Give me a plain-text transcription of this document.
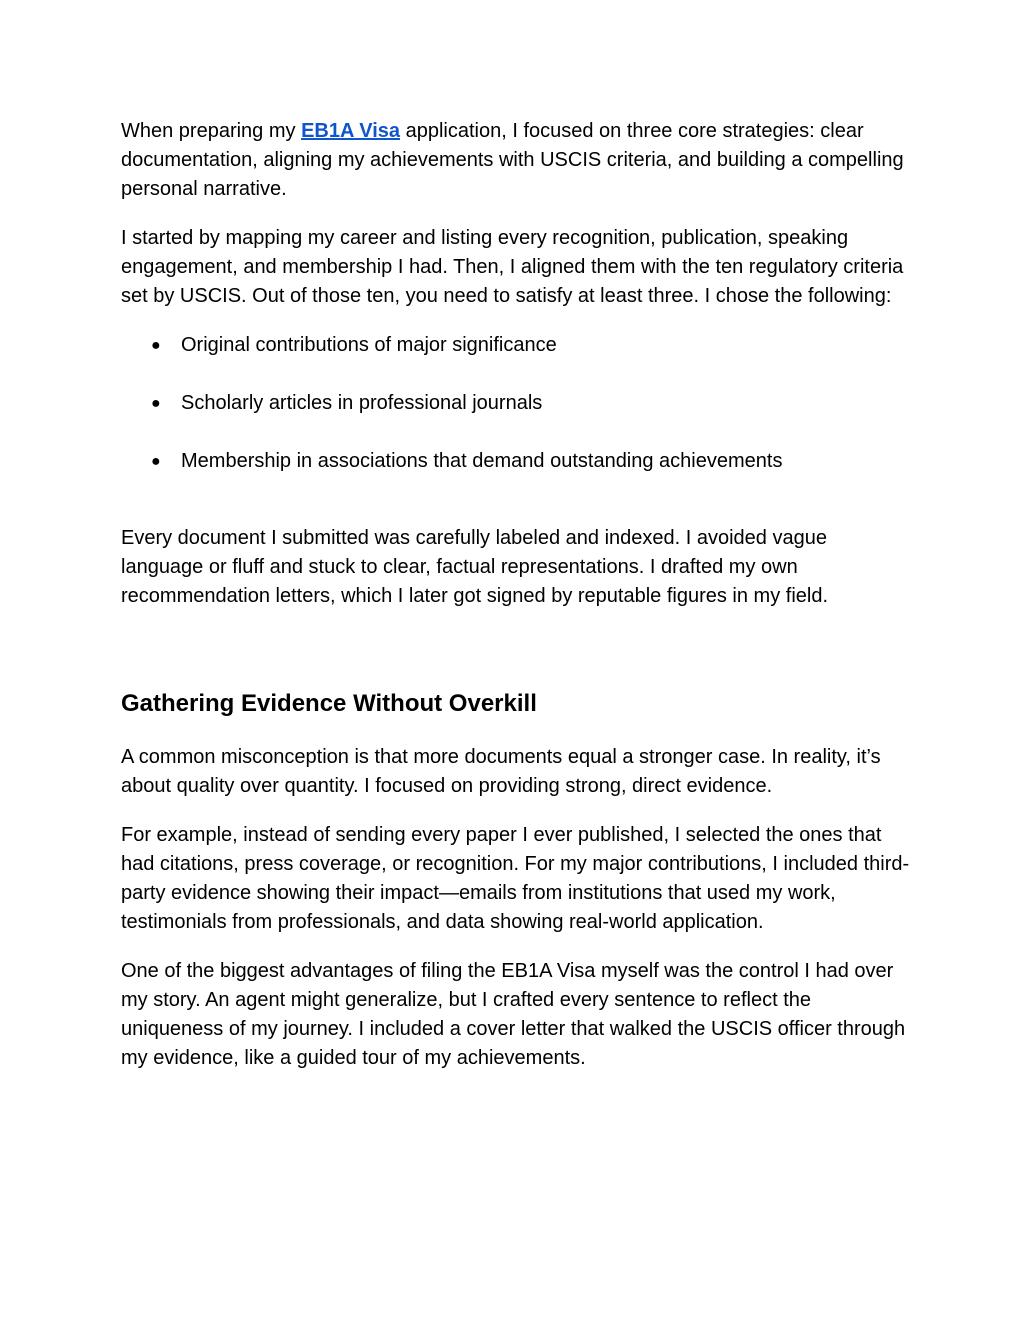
When preparing my EB1A Visa application, I focused on three core strategies: clear documentation, aligning my achievements with USCIS criteria, and building a compelling personal narrative.

I started by mapping my career and listing every recognition, publication, speaking engagement, and membership I had. Then, I aligned them with the ten regulatory criteria set by USCIS. Out of those ten, you need to satisfy at least three. I chose the following:

● Original contributions of major significance
● Scholarly articles in professional journals
● Membership in associations that demand outstanding achievements

Every document I submitted was carefully labeled and indexed. I avoided vague language or fluff and stuck to clear, factual representations. I drafted my own recommendation letters, which I later got signed by reputable figures in my field.

Gathering Evidence Without Overkill

A common misconception is that more documents equal a stronger case. In reality, it’s about quality over quantity. I focused on providing strong, direct evidence.

For example, instead of sending every paper I ever published, I selected the ones that had citations, press coverage, or recognition. For my major contributions, I included third-party evidence showing their impact—emails from institutions that used my work, testimonials from professionals, and data showing real-world application.

One of the biggest advantages of filing the EB1A Visa myself was the control I had over my story. An agent might generalize, but I crafted every sentence to reflect the uniqueness of my journey. I included a cover letter that walked the USCIS officer through my evidence, like a guided tour of my achievements.
